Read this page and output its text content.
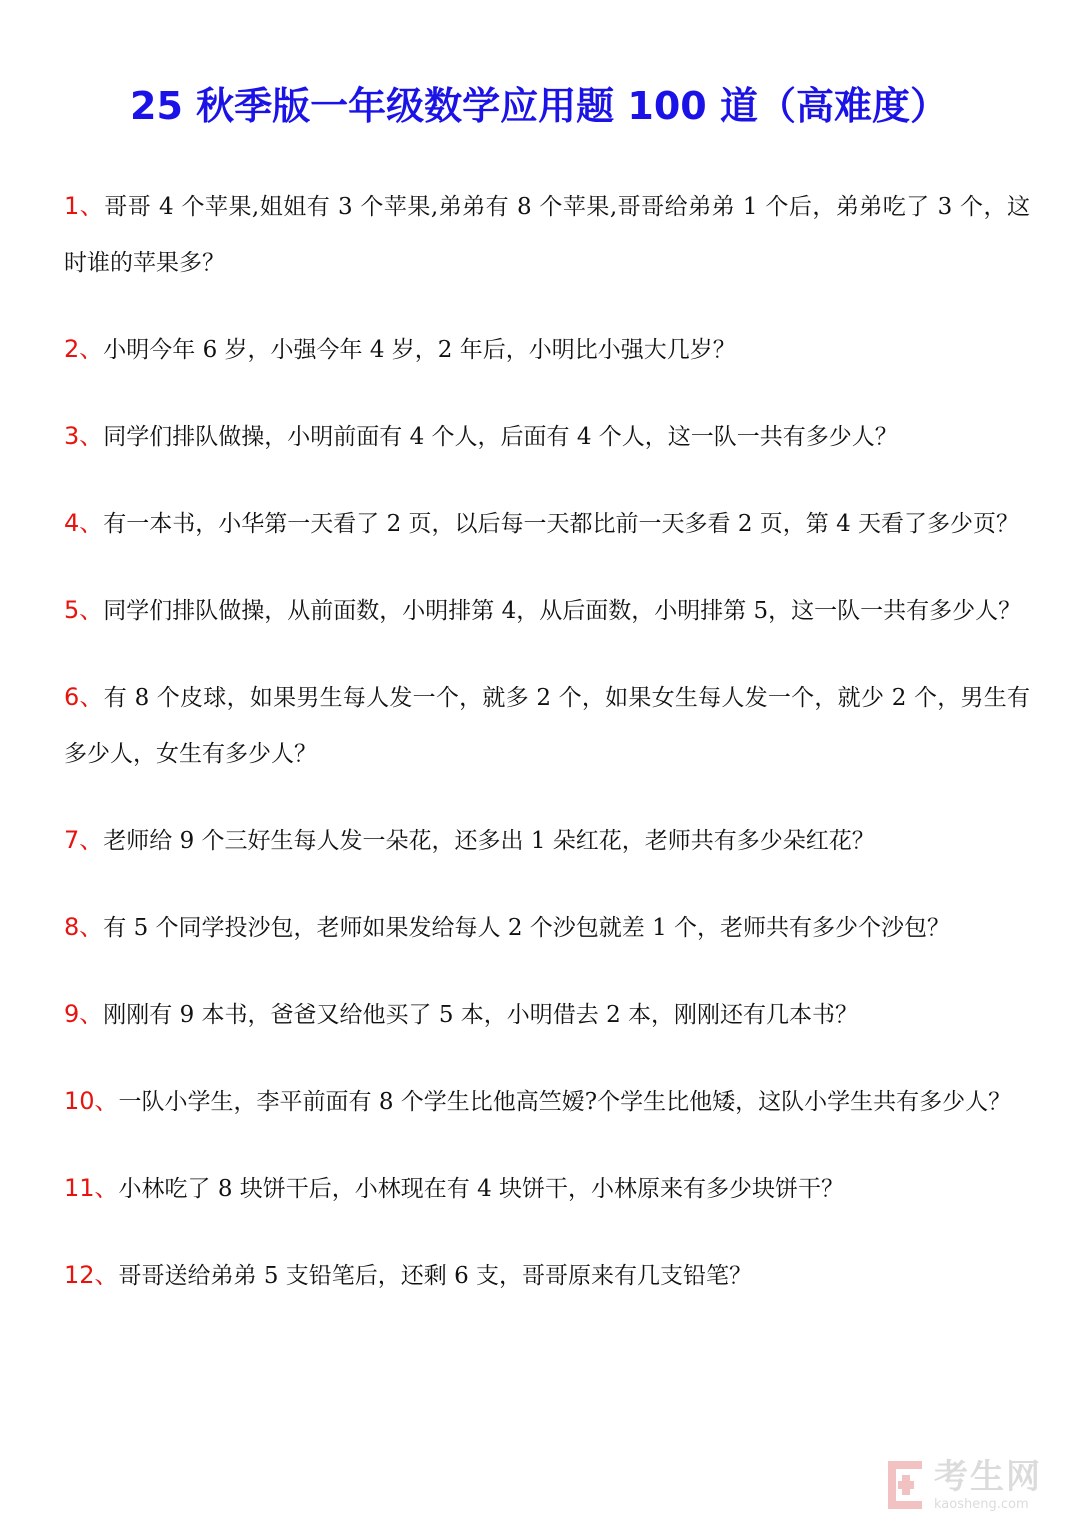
25 秋季版一年级数学应用题 100 道（高难度）

1、哥哥 4 个苹果,姐姐有 3 个苹果,弟弟有 8 个苹果,哥哥给弟弟 1 个后，弟弟吃了 3 个，这时谁的苹果多？

2、小明今年 6 岁，小强今年 4 岁，2 年后，小明比小强大几岁？

3、同学们排队做操，小明前面有 4 个人，后面有 4 个人，这一队一共有多少人？

4、有一本书，小华第一天看了 2 页，以后每一天都比前一天多看 2 页，第 4 天看了多少页？

5、同学们排队做操，从前面数，小明排第 4，从后面数，小明排第 5，这一队一共有多少人？

6、有 8 个皮球，如果男生每人发一个，就多 2 个，如果女生每人发一个，就少 2 个，男生有多少人，女生有多少人？

7、老师给 9 个三好生每人发一朵花，还多出 1 朵红花，老师共有多少朵红花？

8、有 5 个同学投沙包，老师如果发给每人 2 个沙包就差 1 个，老师共有多少个沙包？

9、刚刚有 9 本书，爸爸又给他买了 5 本，小明借去 2 本，刚刚还有几本书？

10、一队小学生，李平前面有 8 个学生比他高竺嫒?个学生比他矮，这队小学生共有多少人？

11、小林吃了 8 块饼干后，小林现在有 4 块饼干，小林原来有多少块饼干？

12、哥哥送给弟弟 5 支铅笔后，还剩 6 支，哥哥原来有几支铅笔？

考生网
kaosheng.com
